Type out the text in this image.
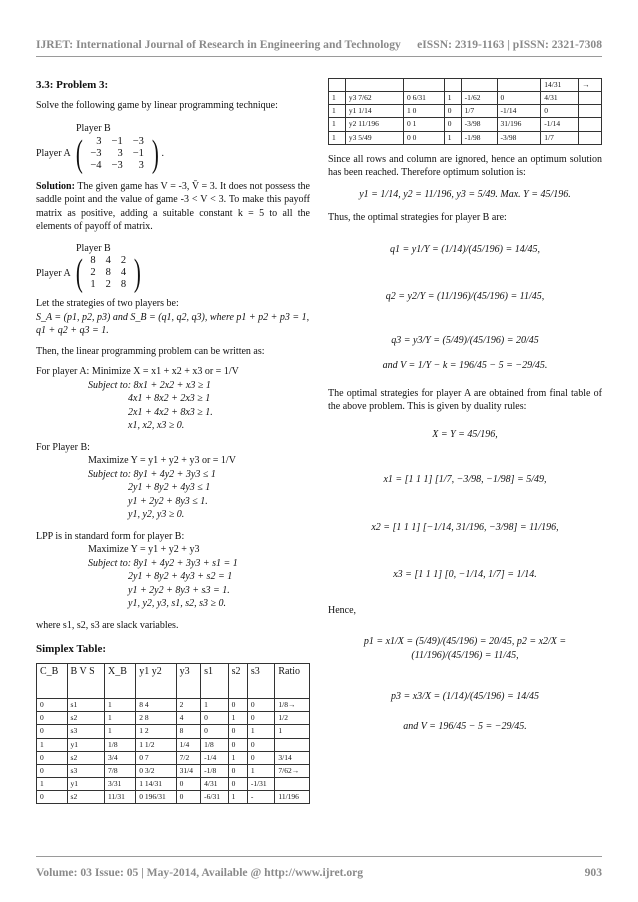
IJRET: International Journal of Research in Engineering and Technology eISSN: 2319-1163 | pISSN: 2321-7308

3.3: Problem 3:

Solve the following game by linear programming technique:

Player B
Player A ( 3	−1	−3
−3	3	−1
−4	−3	3 ) .

Solution: The given game has V = -3, V̄ = 3. It does not possess the saddle point and the value of game -3 < V < 3. To make this payoff matrix as positive, adding a suitable constant k = 5 to all the elements of payoff of matrix.

Player B
Player A ( 8	4	2
2	8	4
1	2	8 )

Let the strategies of two players be:

S_A = (p1, p2, p3) and S_B = (q1, q2, q3), where p1 + p2 + p3 = 1, q1 + q2 + q3 = 1.

Then, the linear programming problem can be written as:

For player A: Minimize X = x1 + x2 + x3 or = 1/V

Subject to: 8x1 + 2x2 + x3 ≥ 1
4x1 + 8x2 + 2x3 ≥ 1
2x1 + 4x2 + 8x3 ≥ 1.
x1, x2, x3 ≥ 0.

For Player B:

Maximize Y = y1 + y2 + y3 or = 1/V

Subject to: 8y1 + 4y2 + 3y3 ≤ 1
2y1 + 8y2 + 4y3 ≤ 1
y1 + 2y2 + 8y3 ≤ 1.
y1, y2, y3 ≥ 0.

LPP is in standard form for player B:

Maximize Y = y1 + y2 + y3

Subject to: 8y1 + 4y2 + 3y3 + s1 = 1
2y1 + 8y2 + 4y3 + s2 = 1
y1 + 2y2 + 8y3 + s3 = 1.
y1, y2, y3, s1, s2, s3 ≥ 0.

where s1, s2, s3 are slack variables.

Simplex Table:

C_B	B V S	X_B	y1 y2	y3	s1	s2	s3	Ratio
0	s1	1	8 4	2	1	0	0	1/8→
0	s2	1	2 8	4	0	1	0	1/2
0	s3	1	1 2	8	0	0	1	1
1	y1	1/8	1 1/2	1/4	1/8	0	0	
0	s2	3/4	0 7	7/2	-1/4	1	0	3/14
0	s3	7/8	0 3/2	31/4	-1/8	0	1	7/62→
1	y1	3/31	1 14/31	0	4/31	0	-1/31	
0	s2	11/31	0 196/31	0	-6/31	1	-	11/196
						14/31	→
1	y3 7/62	0 6/31	1	-1/62	0	4/31	
1	y1 1/14	1 0	0	1/7	-1/14	0	
1	y2 11/196	0 1	0	-3/98	31/196	-1/14	
1	y3 5/49	0 0	1	-1/98	-3/98	1/7	

Since all rows and column are ignored, hence an optimum solution has been reached. Therefore optimum solution is:

y1 = 1/14, y2 = 11/196, y3 = 5/49. Max. Y = 45/196.

Thus, the optimal strategies for player B are:

q1 = y1/Y = (1/14)/(45/196) = 14/45,

q2 = y2/Y = (11/196)/(45/196) = 11/45,

q3 = y3/Y = (5/49)/(45/196) = 20/45

and V = 1/Y − k = 196/45 − 5 = −29/45.

The optimal strategies for player A are obtained from final table of the above problem. This is given by duality rules:

X = Y = 45/196,

x1 = [1 1 1] [1/7, −3/98, −1/98] = 5/49,

x2 = [1 1 1] [−1/14, 31/196, −3/98] = 11/196,

x3 = [1 1 1] [0, −1/14, 1/7] = 1/14.

Hence,

p1 = x1/X = (5/49)/(45/196) = 20/45, p2 = x2/X = (11/196)/(45/196) = 11/45,

p3 = x3/X = (1/14)/(45/196) = 14/45

and V = 196/45 − 5 = −29/45.

Volume: 03 Issue: 05 | May-2014, Available @ http://www.ijret.org	903
